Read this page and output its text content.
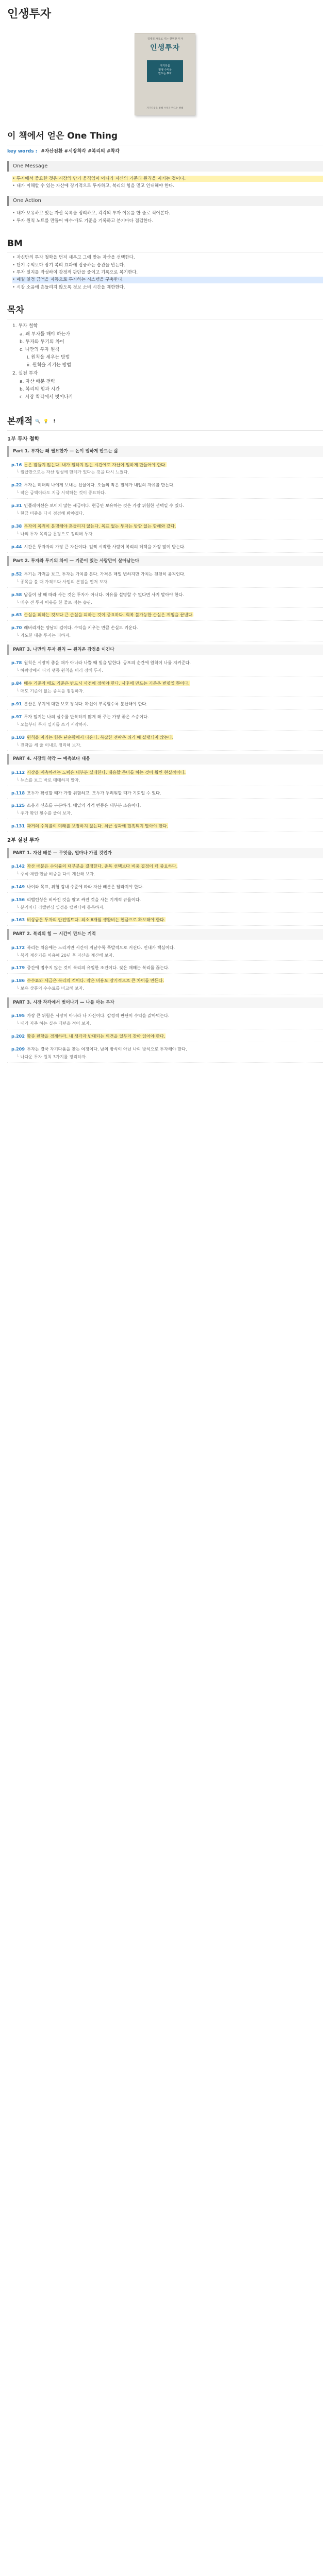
인생투자
경제적 자유로 가는 현명한 투자
인생투자
자기다움
평생 수익을
만드는 투자
자기다움을 통해 수익을 만드는 방법
이 책에서 얻은 One Thing
key words : #자산전환 #시장착각 #복리의 #착각
One Message
• 투자에서 중요한 것은 시장의 단기 움직임이 아니라 자신의 기준과 원칙을 지키는 것이다.
• 내가 이해할 수 있는 자산에 장기적으로 투자하고, 복리의 힘을 믿고 인내해야 한다.
One Action
• 내가 보유하고 있는 자산 목록을 정리하고, 각각의 투자 이유를 한 줄로 적어본다.
• 투자 원칙 노트를 만들어 매수·매도 기준을 기록하고 분기마다 점검한다.
BM
• 자신만의 투자 철학을 먼저 세우고 그에 맞는 자산을 선택한다.
• 단기 수익보다 장기 복리 효과에 집중하는 습관을 만든다.
• 투자 일지를 작성하여 감정적 판단을 줄이고 기록으로 복기한다.
• 매월 일정 금액을 자동으로 투자하는 시스템을 구축한다.
• 시장 소음에 흔들리지 않도록 정보 소비 시간을 제한한다.
목차
1. 투자 철학
a. 왜 투자를 해야 하는가
b. 투자와 투기의 차이
c. 나만의 투자 원칙
i. 원칙을 세우는 방법
ii. 원칙을 지키는 방법
2. 실전 투자
a. 자산 배분 전략
b. 복리의 힘과 시간
c. 시장 착각에서 벗어나기
본깨적 🔍 💡	!
1부 투자 철학
Part 1. 투자는 왜 필요한가 — 돈이 일하게 만드는 삶
p.16 돈은 잠들지 않는다. 내가 일하지 않는 시간에도 자산이 일하게 만들어야 한다.
└ 월급만으로는 자산 형성에 한계가 있다는 것을 다시 느꼈다.
p.22 투자는 미래의 나에게 보내는 선물이다. 오늘의 작은 절제가 내일의 자유를 만든다.
└ 작은 금액이라도 지금 시작하는 것이 중요하다.
p.31 인플레이션은 보이지 않는 세금이다. 현금만 보유하는 것은 가장 위험한 선택일 수 있다.
└ 현금 비중을 다시 점검해 봐야겠다.
p.38 투자의 목적이 분명해야 흔들리지 않는다. 목표 없는 투자는 방향 없는 항해와 같다.
└ 나의 투자 목적을 문장으로 정리해 두자.
p.44 시간은 투자자의 가장 큰 자산이다. 일찍 시작한 사람이 복리의 혜택을 가장 많이 받는다.
Part 2. 투자와 투기의 차이 — 기준이 있는 사람만이 살아남는다
p.52 투기는 가격을 보고, 투자는 가치를 본다. 가격은 매일 변하지만 가치는 천천히 움직인다.
└ 종목을 볼 때 가격보다 사업의 본질을 먼저 보자.
p.58 남들이 살 때 따라 사는 것은 투자가 아니다. 이유를 설명할 수 없다면 사지 말아야 한다.
└ 매수 전 투자 이유를 한 줄로 적는 습관.
p.63 손실을 피하는 것보다 큰 손실을 피하는 것이 중요하다. 회복 불가능한 손실은 게임을 끝낸다.
p.70 레버리지는 양날의 검이다. 수익을 키우는 만큼 손실도 키운다.
└ 과도한 대출 투자는 피하자.
PART 3. 나만의 투자 원칙 — 원칙은 감정을 이긴다
p.78 원칙은 시장이 좋을 때가 아니라 나쁠 때 빛을 발한다. 공포의 순간에 원칙이 나를 지켜준다.
└ 하락장에서 나의 행동 원칙을 미리 정해 두자.
p.84 매수 기준과 매도 기준은 반드시 사전에 정해야 한다. 사후에 만드는 기준은 변명일 뿐이다.
└ 매도 기준이 없는 종목을 점검하자.
p.91 분산은 무지에 대한 보호 장치다. 확신이 부족할수록 분산해야 한다.
p.97 투자 일지는 나의 실수를 반복하지 않게 해 주는 가장 좋은 스승이다.
└ 오늘부터 투자 일지를 쓰기 시작하자.
p.103 원칙을 지키는 힘은 단순함에서 나온다. 복잡한 전략은 위기 때 실행되지 않는다.
└ 전략을 세 줄 이내로 정리해 보자.
PART 4. 시장의 착각 — 예측보다 대응
p.112 시장을 예측하려는 노력은 대부분 실패한다. 대응할 준비를 하는 것이 훨씬 현실적이다.
└ 뉴스를 보고 바로 매매하지 말자.
p.118 모두가 확신할 때가 가장 위험하고, 모두가 두려워할 때가 기회일 수 있다.
p.125 소음과 신호를 구분하라. 매일의 가격 변동은 대부분 소음이다.
└ 주가 확인 횟수를 줄여 보자.
p.131 과거의 수익률이 미래를 보장하지 않는다. 최근 성과에 현혹되지 말아야 한다.
2부 실전 투자
PART 1. 자산 배분 — 무엇을, 얼마나 가질 것인가
p.142 자산 배분은 수익률의 대부분을 결정한다. 종목 선택보다 비중 결정이 더 중요하다.
└ 주식·채권·현금 비중을 다시 계산해 보자.
p.149 나이와 목표, 위험 감내 수준에 따라 자산 배분은 달라져야 한다.
p.156 리밸런싱은 비싸진 것을 팔고 싸진 것을 사는 기계적 규율이다.
└ 분기마다 리밸런싱 일정을 캘린더에 등록하자.
p.163 비상금은 투자의 안전벨트다. 최소 6개월 생활비는 현금으로 확보해야 한다.
PART 2. 복리의 힘 — 시간이 만드는 기적
p.172 복리는 처음에는 느리지만 시간이 지날수록 폭발적으로 커진다. 인내가 핵심이다.
└ 복리 계산기를 이용해 20년 후 자산을 계산해 보자.
p.179 중간에 멈추지 않는 것이 복리의 유일한 조건이다. 잦은 매매는 복리를 끊는다.
p.186 수수료와 세금은 복리의 적이다. 작은 비용도 장기적으로 큰 차이를 만든다.
└ 보유 상품의 수수료를 비교해 보자.
PART 3. 시장 착각에서 벗어나기 — 나를 아는 투자
p.195 가장 큰 위험은 시장이 아니라 나 자신이다. 감정적 판단이 수익을 갉아먹는다.
└ 내가 자주 하는 실수 패턴을 적어 보자.
p.202 확증 편향을 경계하라. 내 생각과 반대되는 의견을 일부러 찾아 읽어야 한다.
p.209 투자는 결국 자기다움을 찾는 여정이다. 남의 방식이 아닌 나의 방식으로 투자해야 한다.
└ 나다운 투자 원칙 3가지를 정리하자.
